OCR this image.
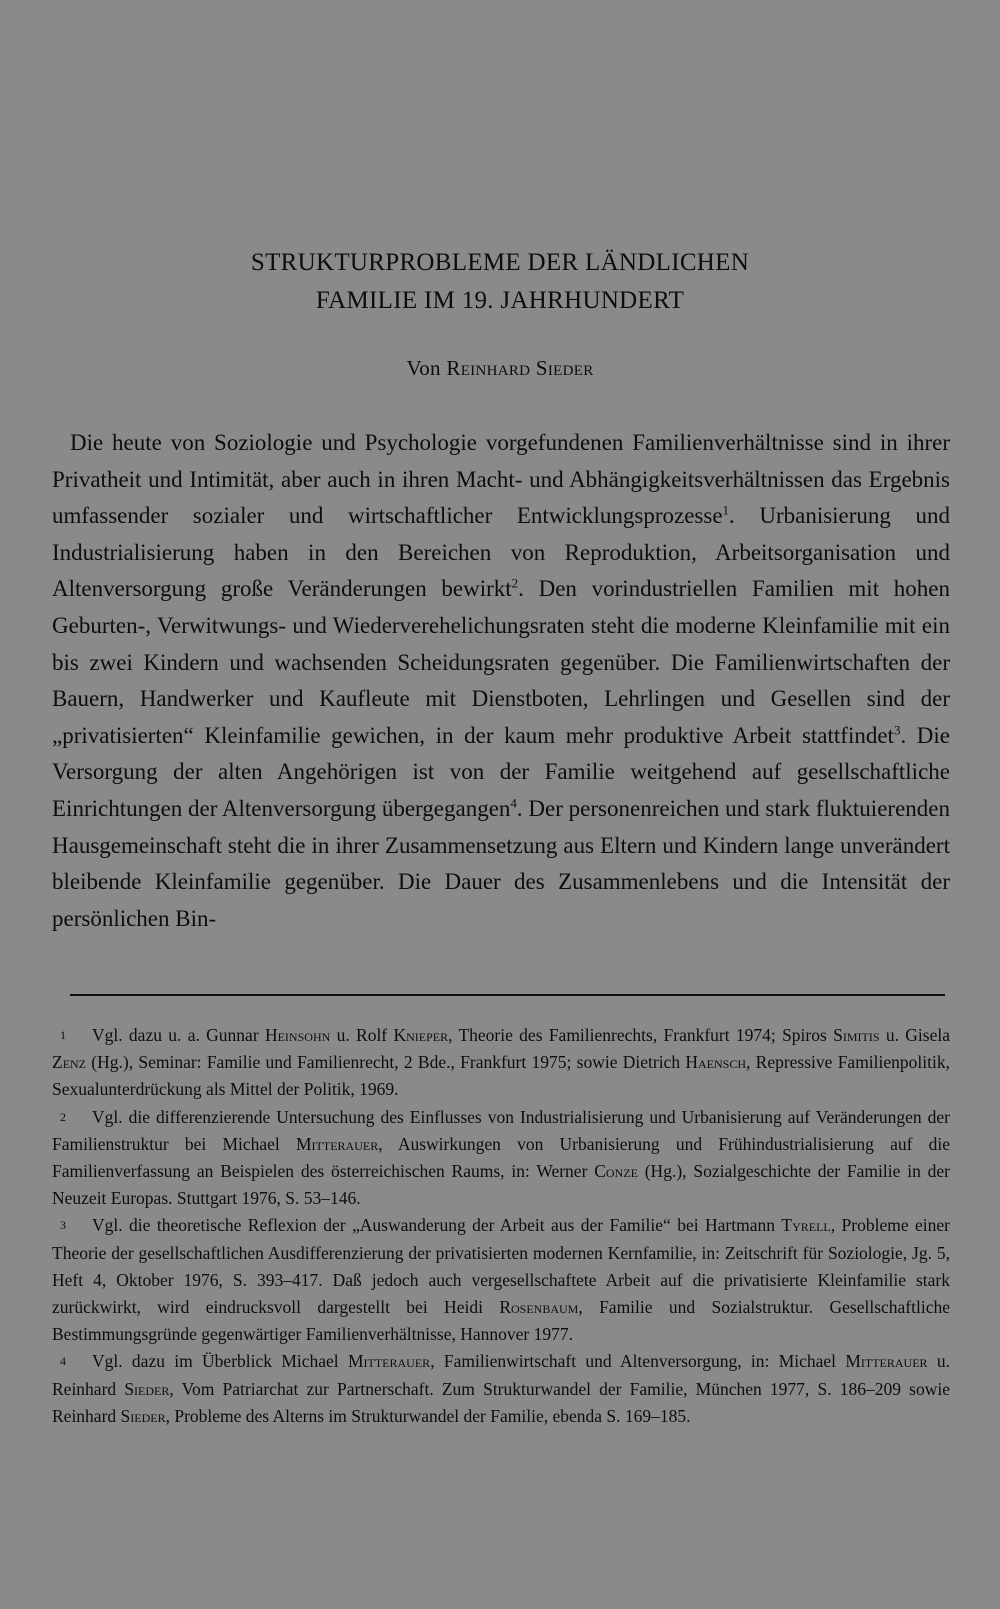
STRUKTURPROBLEME DER LÄNDLICHEN
FAMILIE IM 19. JAHRHUNDERT
Von Reinhard Sieder

Die heute von Soziologie und Psychologie vorgefundenen Familienverhältnisse sind in ihrer Privatheit und Intimität, aber auch in ihren Macht- und Abhängigkeitsverhältnissen das Ergebnis umfassender sozialer und wirtschaftlicher Entwicklungsprozesse$^1$. Urbanisierung und Industrialisierung haben in den Bereichen von Reproduktion, Arbeitsorganisation und Altenversorgung große Veränderungen bewirkt$^2$. Den vorindustriellen Familien mit hohen Geburten-, Verwitwungs- und Wiederverehelichungsraten steht die moderne Kleinfamilie mit ein bis zwei Kindern und wachsenden Scheidungsraten gegenüber. Die Familienwirtschaften der Bauern, Handwerker und Kaufleute mit Dienstboten, Lehrlingen und Gesellen sind der „privatisierten“ Kleinfamilie gewichen, in der kaum mehr produktive Arbeit stattfindet$^3$. Die Versorgung der alten Angehörigen ist von der Familie weitgehend auf gesellschaftliche Einrichtungen der Altenversorgung übergegangen$^4$. Der personenreichen und stark fluktuierenden Hausgemeinschaft steht die in ihrer Zusammensetzung aus Eltern und Kindern lange unverändert bleibende Kleinfamilie gegenüber. Die Dauer des Zusammenlebens und die Intensität der persönlichen Bin-

1 Vgl. dazu u. a. Gunnar Heinsohn u. Rolf Knieper, Theorie des Familienrechts, Frankfurt 1974; Spiros Simitis u. Gisela Zenz (Hg.), Seminar: Familie und Familienrecht, 2 Bde., Frankfurt 1975; sowie Dietrich Haensch, Repressive Familienpolitik, Sexualunterdrückung als Mittel der Politik, 1969.

2 Vgl. die differenzierende Untersuchung des Einflusses von Industrialisierung und Urbanisierung auf Veränderungen der Familienstruktur bei Michael Mitterauer, Auswirkungen von Urbanisierung und Frühindustrialisierung auf die Familienverfassung an Beispielen des österreichischen Raums, in: Werner Conze (Hg.), Sozialgeschichte der Familie in der Neuzeit Europas. Stuttgart 1976, S. 53–146.

3 Vgl. die theoretische Reflexion der „Auswanderung der Arbeit aus der Familie“ bei Hartmann Tyrell, Probleme einer Theorie der gesellschaftlichen Ausdifferenzierung der privatisierten modernen Kernfamilie, in: Zeitschrift für Soziologie, Jg. 5, Heft 4, Oktober 1976, S. 393–417. Daß jedoch auch vergesellschaftete Arbeit auf die privatisierte Kleinfamilie stark zurückwirkt, wird eindrucksvoll dargestellt bei Heidi Rosenbaum, Familie und Sozialstruktur. Gesellschaftliche Bestimmungsgründe gegenwärtiger Familienverhältnisse, Hannover 1977.

4 Vgl. dazu im Überblick Michael Mitterauer, Familienwirtschaft und Altenversorgung, in: Michael Mitterauer u. Reinhard Sieder, Vom Patriarchat zur Partnerschaft. Zum Strukturwandel der Familie, München 1977, S. 186–209 sowie Reinhard Sieder, Probleme des Alterns im Strukturwandel der Familie, ebenda S. 169–185.
